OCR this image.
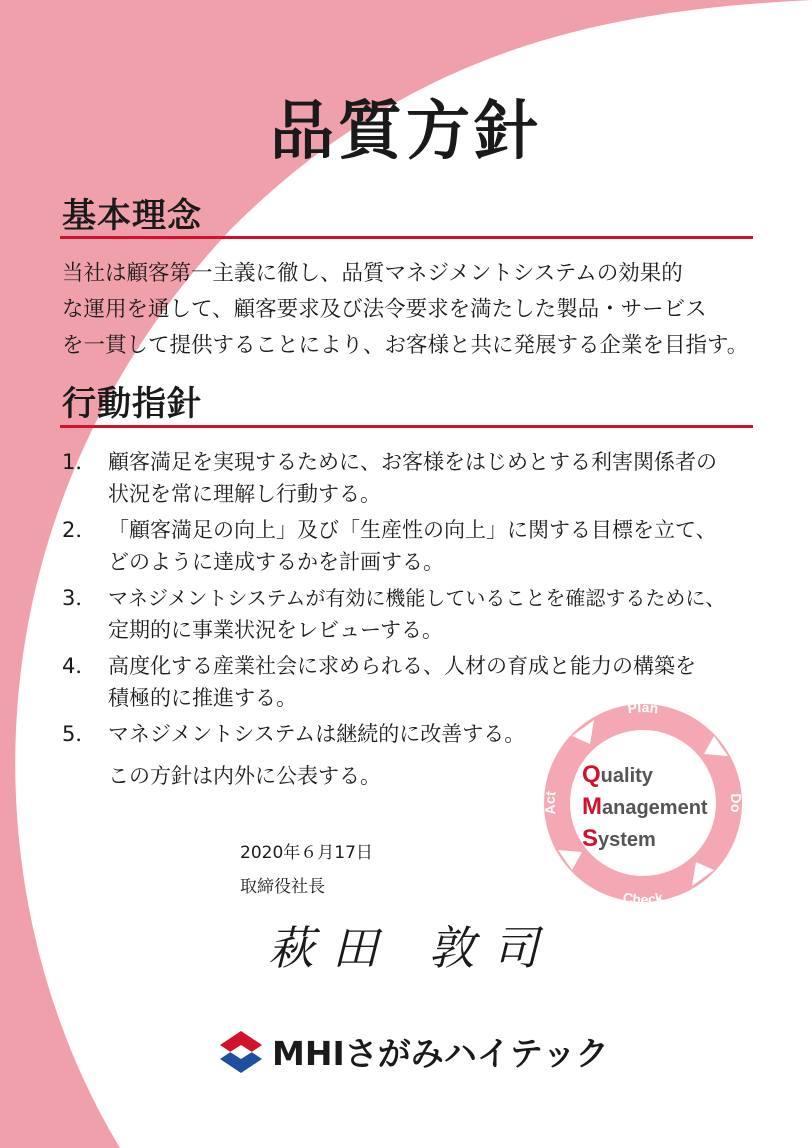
品質方針
基本理念

当社は顧客第一主義に徹し、品質マネジメントシステムの効果的
な運用を通して、顧客要求及び法令要求を満たした製品・サービス
を一貫して提供することにより、お客様と共に発展する企業を目指す。

行動指針
1． 顧客満足を実現するために、お客様をはじめとする利害関係者の
状況を常に理解し行動する。
2． 「顧客満足の向上」及び「生産性の向上」に関する目標を立て、
どのように達成するかを計画する。
3． マネジメントシステムが有効に機能していることを確認するために、
定期的に事業状況をレビューする。
4． 高度化する産業社会に求められる、人材の育成と能力の構築を
積極的に推進する。
5． マネジメントシステムは継続的に改善する。

この方針は内外に公表する。

2020年６月17日

取締役社長

萩田 敦司

Plan
Do
Check
Act
Quality
Management
System
MHIさがみハイテック
